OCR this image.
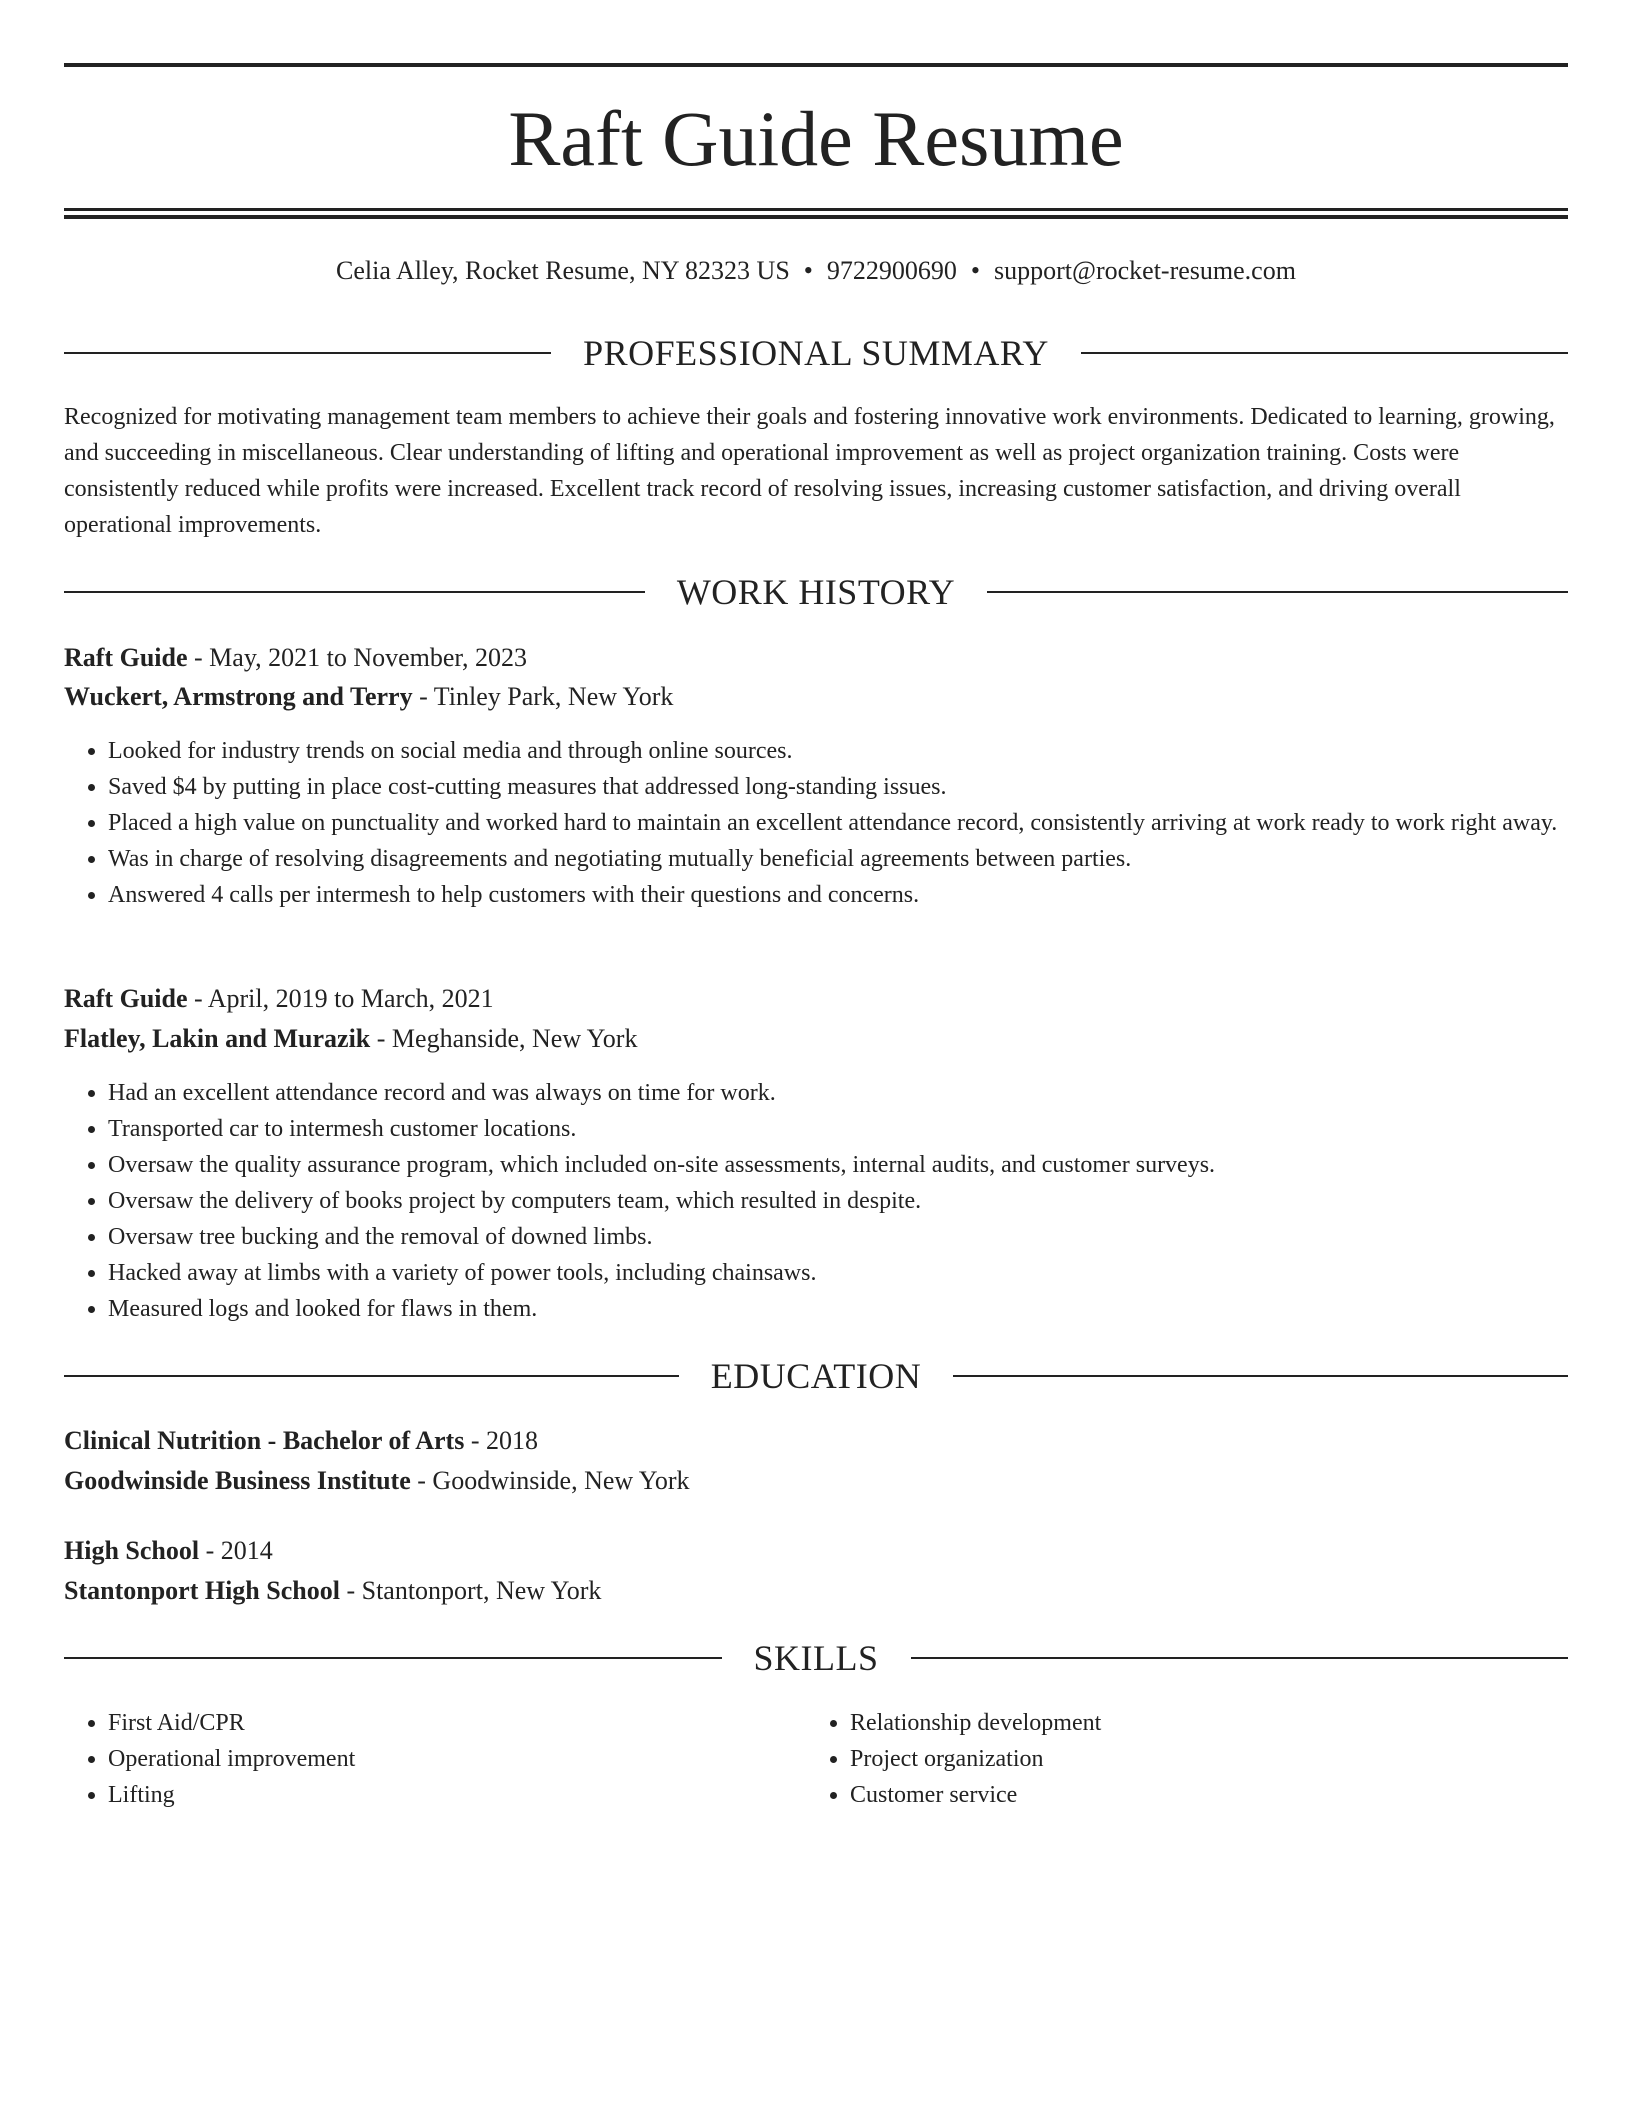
Raft Guide Resume
Celia Alley, Rocket Resume, NY 82323 US • 9722900690 • support@rocket-resume.com
PROFESSIONAL SUMMARY
Recognized for motivating management team members to achieve their goals and fostering innovative work environments. Dedicated to learning, growing, and succeeding in miscellaneous. Clear understanding of lifting and operational improvement as well as project organization training. Costs were consistently reduced while profits were increased. Excellent track record of resolving issues, increasing customer satisfaction, and driving overall operational improvements.
WORK HISTORY
Raft Guide - May, 2021 to November, 2023
Wuckert, Armstrong and Terry - Tinley Park, New York
• Looked for industry trends on social media and through online sources.
• Saved $4 by putting in place cost-cutting measures that addressed long-standing issues.
• Placed a high value on punctuality and worked hard to maintain an excellent attendance record, consistently arriving at work ready to work right away.
• Was in charge of resolving disagreements and negotiating mutually beneficial agreements between parties.
• Answered 4 calls per intermesh to help customers with their questions and concerns.
Raft Guide - April, 2019 to March, 2021
Flatley, Lakin and Murazik - Meghanside, New York
• Had an excellent attendance record and was always on time for work.
• Transported car to intermesh customer locations.
• Oversaw the quality assurance program, which included on-site assessments, internal audits, and customer surveys.
• Oversaw the delivery of books project by computers team, which resulted in despite.
• Oversaw tree bucking and the removal of downed limbs.
• Hacked away at limbs with a variety of power tools, including chainsaws.
• Measured logs and looked for flaws in them.
EDUCATION
Clinical Nutrition - Bachelor of Arts - 2018
Goodwinside Business Institute - Goodwinside, New York
High School - 2014
Stantonport High School - Stantonport, New York
SKILLS
• First Aid/CPR
• Operational improvement
• Lifting
• Relationship development
• Project organization
• Customer service
